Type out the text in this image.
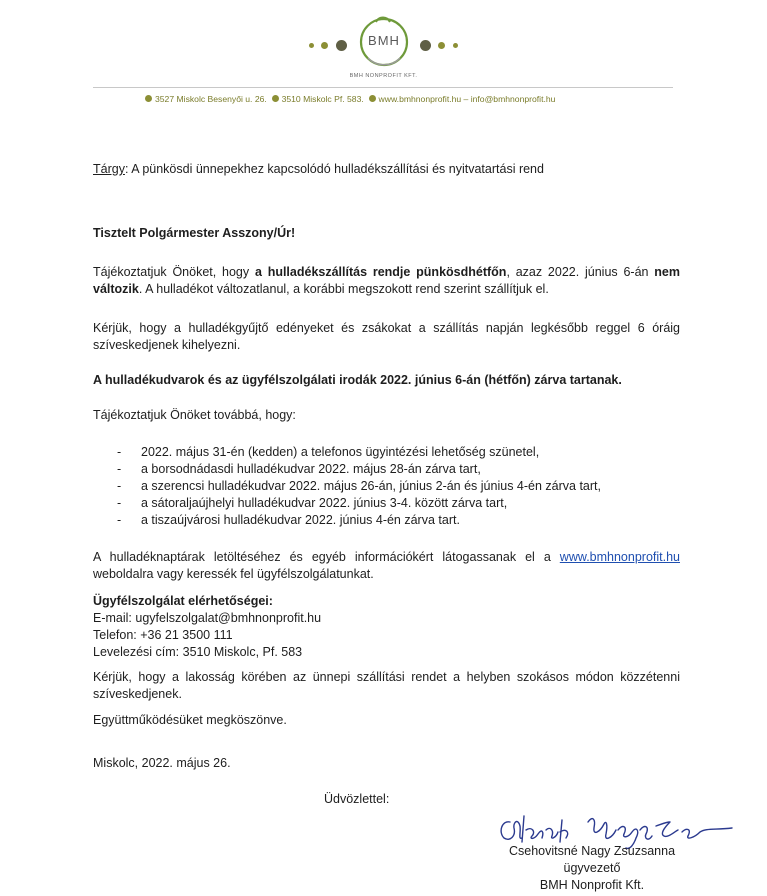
BMH

BMH NONPROFIT KFT.
3527 Miskolc Besenyői u. 26. 3510 Miskolc Pf. 583. www.bmhnonprofit.hu – info@bmhnonprofit.hu
Tárgy: A pünkösdi ünnepekhez kapcsolódó hulladékszállítási és nyitvatartási rend
Tisztelt Polgármester Asszony/Úr!
Tájékoztatjuk Önöket, hogy a hulladékszállítás rendje pünkösdhétfőn, azaz 2022. június 6-án nem változik. A hulladékot változatlanul, a korábbi megszokott rend szerint szállítjuk el.
Kérjük, hogy a hulladékgyűjtő edényeket és zsákokat a szállítás napján legkésőbb reggel 6 óráig szíveskedjenek kihelyezni.
A hulladékudvarok és az ügyfélszolgálati irodák 2022. június 6-án (hétfőn) zárva tartanak.
Tájékoztatjuk Önöket továbbá, hogy:
- 2022. május 31-én (kedden) a telefonos ügyintézési lehetőség szünetel,
- a borsodnádasdi hulladékudvar 2022. május 28-án zárva tart,
- a szerencsi hulladékudvar 2022. május 26-án, június 2-án és június 4-én zárva tart,
- a sátoraljaújhelyi hulladékudvar 2022. június 3-4. között zárva tart,
- a tiszaújvárosi hulladékudvar 2022. június 4-én zárva tart.
A hulladéknaptárak letöltéséhez és egyéb információkért látogassanak el a www.bmhnonprofit.hu weboldalra vagy keressék fel ügyfélszolgálatunkat.
Ügyfélszolgálat elérhetőségei:
E-mail: ugyfelszolgalat@bmhnonprofit.hu
Telefon: +36 21 3500 111
Levelezési cím: 3510 Miskolc, Pf. 583
Kérjük, hogy a lakosság körében az ünnepi szállítási rendet a helyben szokásos módon közzétenni szíveskedjenek.
Együttműködésüket megköszönve.
Miskolc, 2022. május 26.
Üdvözlettel:
Csehovitsné Nagy Zsuzsanna
ügyvezető
BMH Nonprofit Kft.
